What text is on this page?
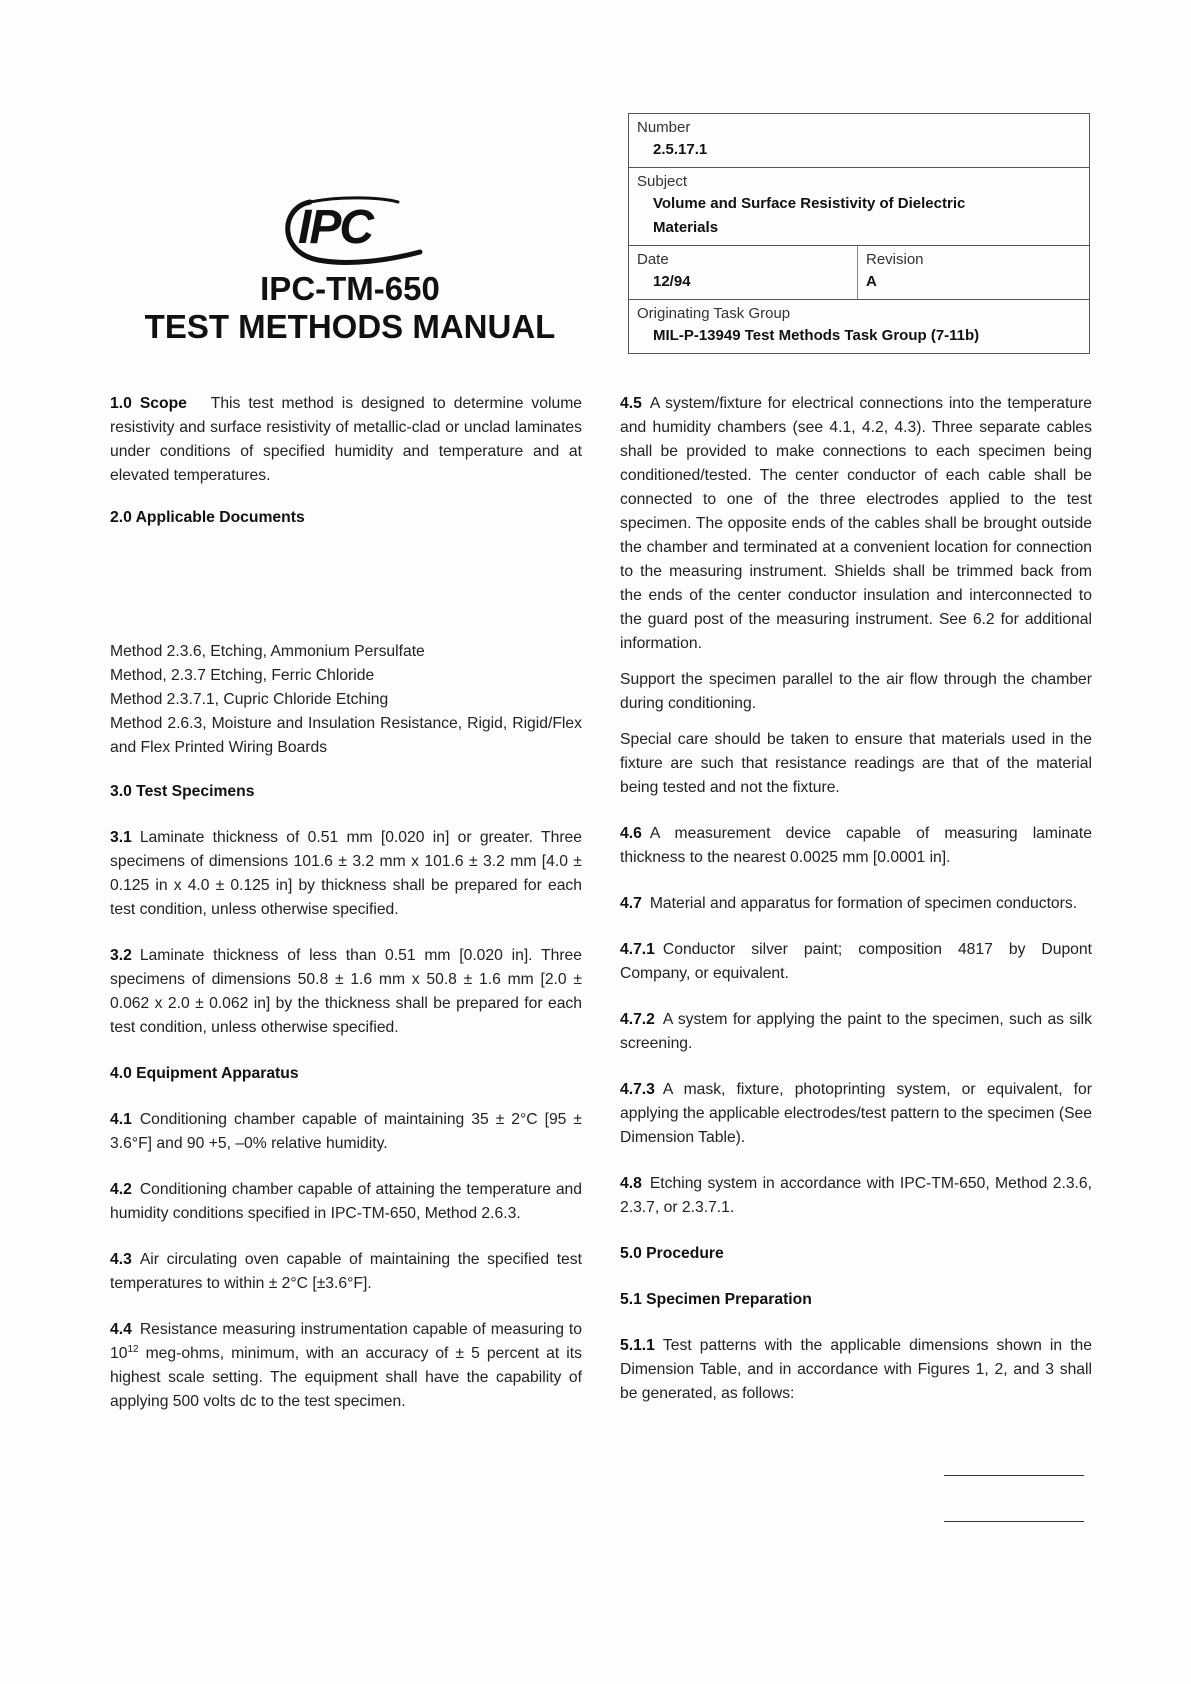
IPC
IPC-TM-650
TEST METHODS MANUAL
Number
2.5.17.1
Subject
Volume and Surface Resistivity of Dielectric
Materials
Date
12/94
Revision
A
Originating Task Group
MIL-P-13949 Test Methods Task Group (7-11b)

1.0 Scope This test method is designed to determine volume resistivity and surface resistivity of metallic-clad or unclad laminates under conditions of specified humidity and temperature and at elevated temperatures.

2.0 Applicable Documents

Method 2.3.6, Etching, Ammonium Persulfate
Method, 2.3.7 Etching, Ferric Chloride
Method 2.3.7.1, Cupric Chloride Etching
Method 2.6.3, Moisture and Insulation Resistance, Rigid, Rigid/Flex and Flex Printed Wiring Boards

3.0 Test Specimens

3.1 Laminate thickness of 0.51 mm [0.020 in] or greater. Three specimens of dimensions 101.6 ± 3.2 mm x 101.6 ± 3.2 mm [4.0 ± 0.125 in x 4.0 ± 0.125 in] by thickness shall be prepared for each test condition, unless otherwise specified.

3.2 Laminate thickness of less than 0.51 mm [0.020 in]. Three specimens of dimensions 50.8 ± 1.6 mm x 50.8 ± 1.6 mm [2.0 ± 0.062 x 2.0 ± 0.062 in] by the thickness shall be prepared for each test condition, unless otherwise specified.

4.0 Equipment Apparatus

4.1 Conditioning chamber capable of maintaining 35 ± 2°C [95 ± 3.6°F] and 90 +5, –0% relative humidity.

4.2 Conditioning chamber capable of attaining the temperature and humidity conditions specified in IPC-TM-650, Method 2.6.3.

4.3 Air circulating oven capable of maintaining the specified test temperatures to within ± 2°C [±3.6°F].

4.4 Resistance measuring instrumentation capable of measuring to $10^{12}$ meg-ohms, minimum, with an accuracy of ± 5 percent at its highest scale setting. The equipment shall have the capability of applying 500 volts dc to the test specimen.

4.5 A system/fixture for electrical connections into the temperature and humidity chambers (see 4.1, 4.2, 4.3). Three separate cables shall be provided to make connections to each specimen being conditioned/tested. The center conductor of each cable shall be connected to one of the three electrodes applied to the test specimen. The opposite ends of the cables shall be brought outside the chamber and terminated at a convenient location for connection to the measuring instrument. Shields shall be trimmed back from the ends of the center conductor insulation and interconnected to the guard post of the measuring instrument. See 6.2 for additional information.

Support the specimen parallel to the air flow through the chamber during conditioning.

Special care should be taken to ensure that materials used in the fixture are such that resistance readings are that of the material being tested and not the fixture.

4.6 A measurement device capable of measuring laminate thickness to the nearest 0.0025 mm [0.0001 in].

4.7 Material and apparatus for formation of specimen conductors.

4.7.1 Conductor silver paint; composition 4817 by Dupont Company, or equivalent.

4.7.2 A system for applying the paint to the specimen, such as silk screening.

4.7.3 A mask, fixture, photoprinting system, or equivalent, for applying the applicable electrodes/test pattern to the specimen (See Dimension Table).

4.8 Etching system in accordance with IPC-TM-650, Method 2.3.6, 2.3.7, or 2.3.7.1.

5.0 Procedure

5.1 Specimen Preparation

5.1.1 Test patterns with the applicable dimensions shown in the Dimension Table, and in accordance with Figures 1, 2, and 3 shall be generated, as follows:
